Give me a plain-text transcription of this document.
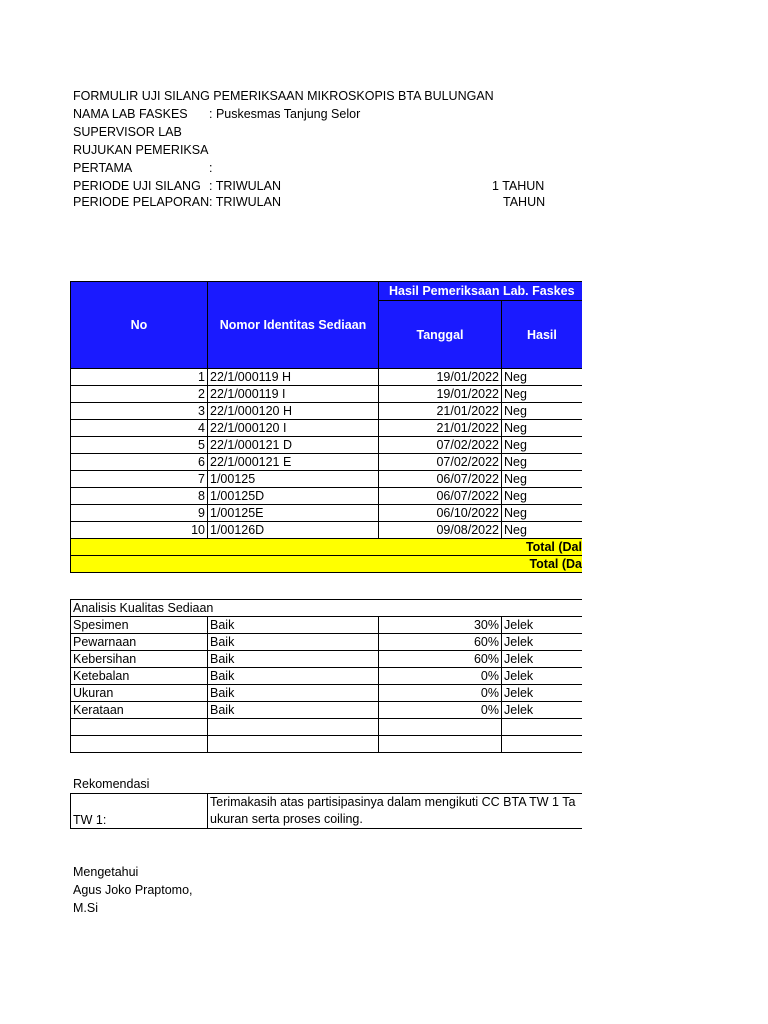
FORMULIR UJI SILANG PEMERIKSAAN MIKROSKOPIS BTA BULUNGAN
NAMA LAB FASKES : Puskesmas Tanjung Selor
SUPERVISOR LAB
RUJUKAN PEMERIKSA
PERTAMA	:
PERIODE UJI SILANG : TRIWULAN	1 TAHUN
PERIODE PELAPORAN : TRIWULAN	TAHUN
No	Nomor Identitas Sediaan	Hasil Pemeriksaan Lab. Faskes		
		Tanggal	Hasil	
1	22/1/000119 H	19/01/2022	Neg	
2	22/1/000119 I	19/01/2022	Neg	
3	22/1/000120 H	21/01/2022	Neg	
4	22/1/000120 I	21/01/2022	Neg	
5	22/1/000121 D	07/02/2022	Neg	
6	22/1/000121 E	07/02/2022	Neg	
7	1/00125	06/07/2022	Neg	
8	1/00125D	06/07/2022	Neg	
9	1/00125E	06/10/2022	Neg	
10	1/00126D	09/08/2022	Neg	
Total (Dal				
Total (Da				
Analisis Kualitas Sediaan				
Spesimen	Baik	30%	Jelek	
Pewarnaan	Baik	60%	Jelek	
Kebersihan	Baik	60%	Jelek	
Ketebalan	Baik	0%	Jelek	
Ukuran	Baik	0%	Jelek	
Kerataan	Baik	0%	Jelek	

Rekomendasi
TW 1:	
Terimakasih atas partisipasinya dalam mengikuti CC BTA TW 1 Ta
ukuran serta proses coiling.
Mengetahui
Agus Joko Praptomo,
M.Si
